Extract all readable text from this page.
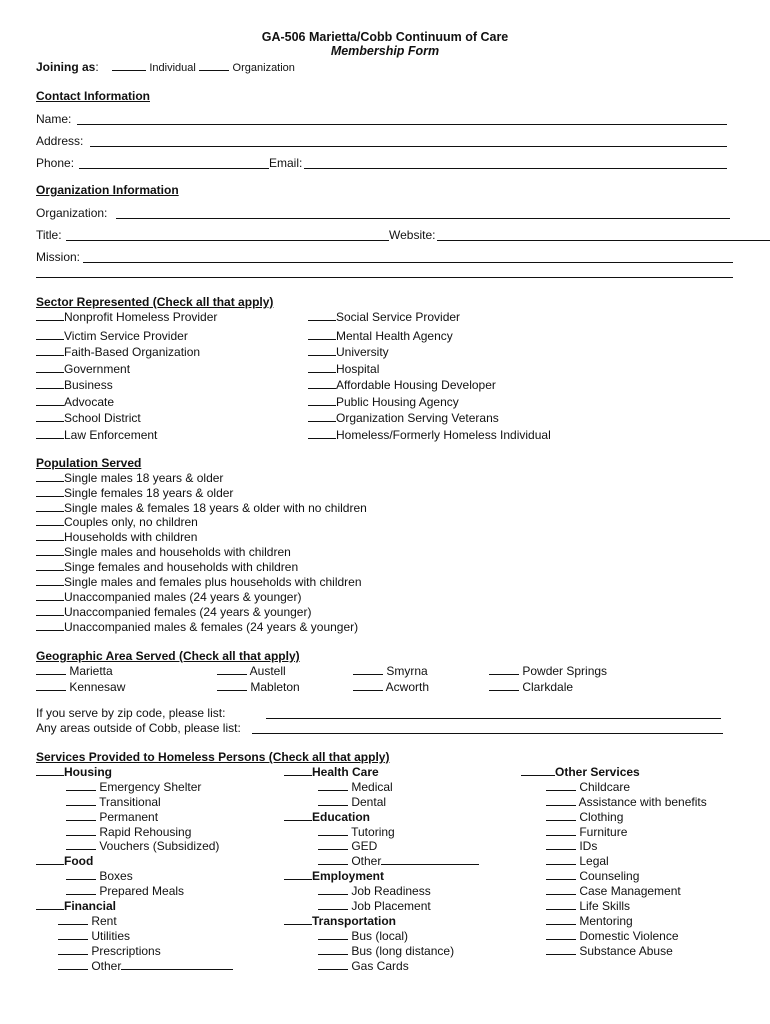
GA-506 Marietta/Cobb Continuum of Care
Membership Form
Joining as:	Individual	Organization
Contact Information
Name:
Address:
Phone:	Email:
Organization Information
Organization:
Title:	Website:
Mission:
Sector Represented (Check all that apply)
Nonprofit Homeless Provider
Victim Service Provider
Faith-Based Organization
Government
Business
Advocate
School District
Law Enforcement
Social Service Provider
Mental Health Agency
University
Hospital
Affordable Housing Developer
Public Housing Agency
Organization Serving Veterans
Homeless/Formerly Homeless Individual
Population Served
Single males 18 years & older
Single females 18 years & older
Single males & females 18 years & older with no children
Couples only, no children
Households with children
Single males and households with children
Singe females and households with children
Single males and females plus households with children
Unaccompanied males (24 years & younger)
Unaccompanied females (24 years & younger)
Unaccompanied males & females (24 years & younger)
Geographic Area Served (Check all that apply)
Marietta	Austell	Smyrna	Powder Springs
Kennesaw	Mableton	Acworth	Clarkdale
If you serve by zip code, please list:
Any areas outside of Cobb, please list:
Services Provided to Homeless Persons (Check all that apply)
Housing
Emergency Shelter
Transitional
Permanent
Rapid Rehousing
Vouchers (Subsidized)
Food
Boxes
Prepared Meals
Financial
Rent
Utilities
Prescriptions
Other
Health Care
Medical
Dental
Education
Tutoring
GED
Other
Employment
Job Readiness
Job Placement
Transportation
Bus (local)
Bus (long distance)
Gas Cards
Other Services
Childcare
Assistance with benefits
Clothing
Furniture
IDs
Legal
Counseling
Case Management
Life Skills
Mentoring
Domestic Violence
Substance Abuse
